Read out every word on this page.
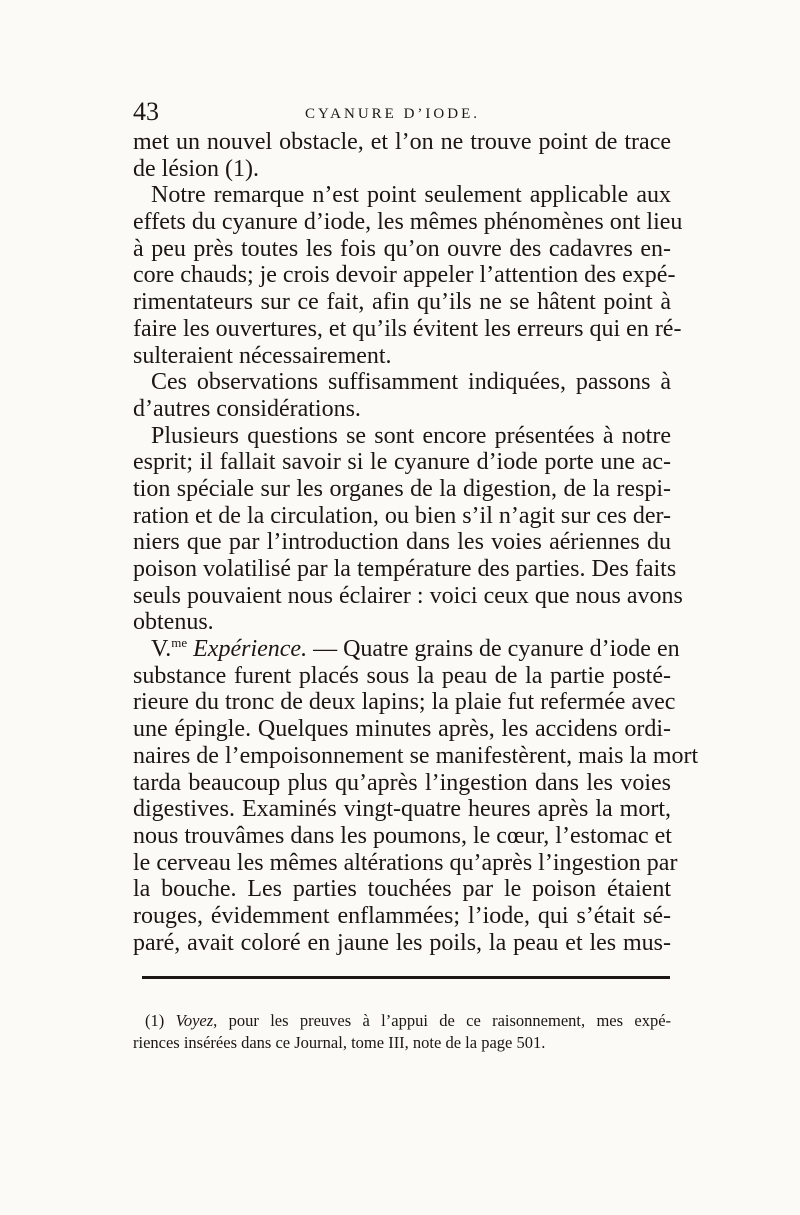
43	CYANURE D’IODE.
met un nouvel obstacle, et l’on ne trouve point de trace
de lésion (1).
Notre remarque n’est point seulement applicable aux
effets du cyanure d’iode, les mêmes phénomènes ont lieu
à peu près toutes les fois qu’on ouvre des cadavres en-
core chauds; je crois devoir appeler l’attention des expé-
rimentateurs sur ce fait, afin qu’ils ne se hâtent point à
faire les ouvertures, et qu’ils évitent les erreurs qui en ré-
sulteraient nécessairement.
Ces observations suffisamment indiquées, passons à
d’autres considérations.
Plusieurs questions se sont encore présentées à notre
esprit; il fallait savoir si le cyanure d’iode porte une ac-
tion spéciale sur les organes de la digestion, de la respi-
ration et de la circulation, ou bien s’il n’agit sur ces der-
niers que par l’introduction dans les voies aériennes du
poison volatilisé par la température des parties. Des faits
seuls pouvaient nous éclairer : voici ceux que nous avons
obtenus.
V.$^{me}$ Expérience. — Quatre grains de cyanure d’iode en
substance furent placés sous la peau de la partie posté-
rieure du tronc de deux lapins; la plaie fut refermée avec
une épingle. Quelques minutes après, les accidens ordi-
naires de l’empoisonnement se manifestèrent, mais la mort
tarda beaucoup plus qu’après l’ingestion dans les voies
digestives. Examinés vingt-quatre heures après la mort,
nous trouvâmes dans les poumons, le cœur, l’estomac et
le cerveau les mêmes altérations qu’après l’ingestion par
la bouche. Les parties touchées par le poison étaient
rouges, évidemment enflammées; l’iode, qui s’était sé-
paré, avait coloré en jaune les poils, la peau et les mus-
(1) Voyez, pour les preuves à l’appui de ce raisonnement, mes expé-
riences insérées dans ce Journal, tome III, note de la page 501.
